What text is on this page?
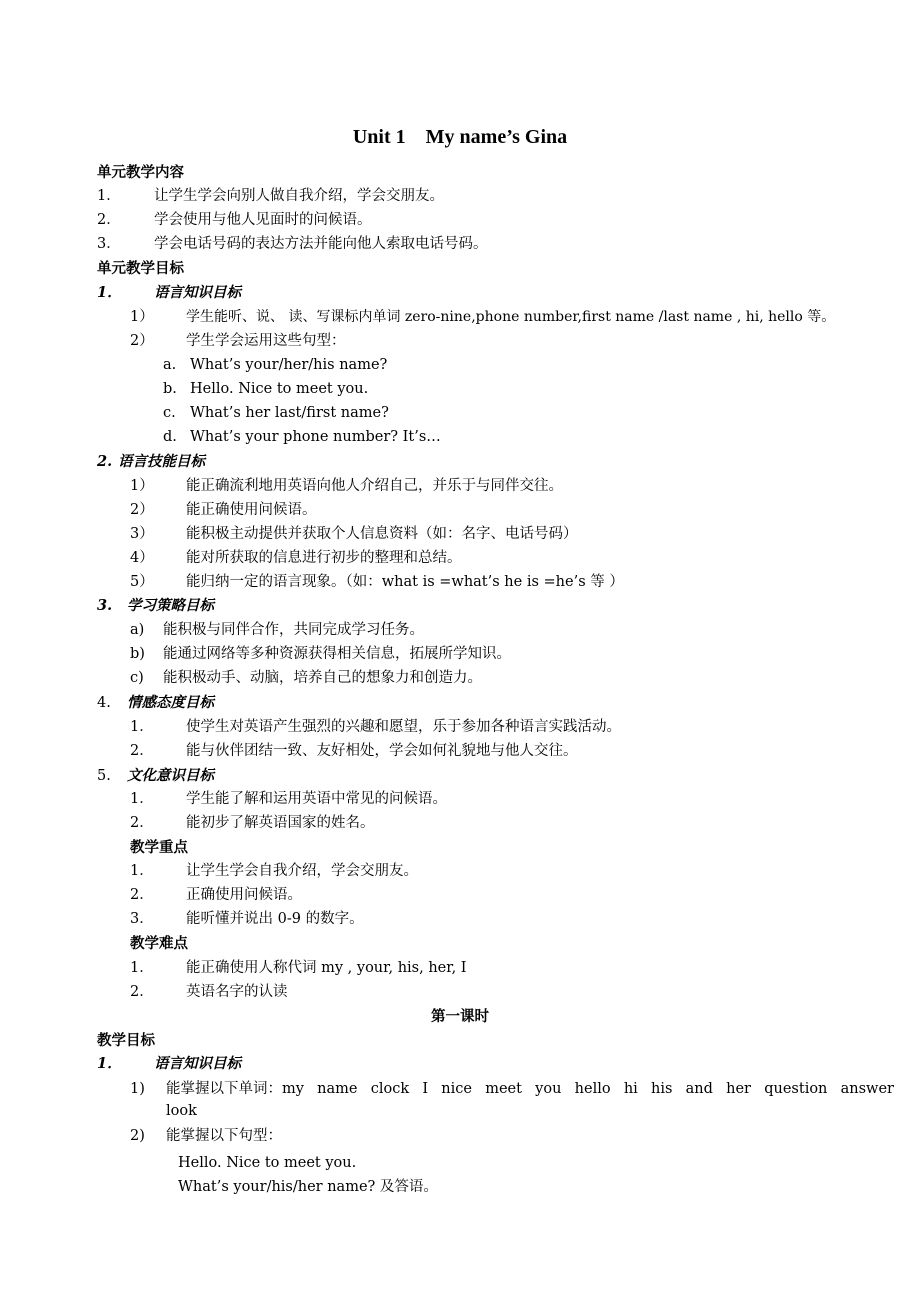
Unit 1 My name’s Gina
单元教学内容
1． 让学生学会向别人做自我介绍，学会交朋友。
2． 学会使用与他人见面时的问候语。
3． 学会电话号码的表达方法并能向他人索取电话号码。
单元教学目标
1． 语言知识目标
1） 学生能听、说、 读、写课标内单词 zero-nine,phone number,first name /last name , hi, hello 等。
2） 学生学会运用这些句型：
a. What’s your/her/his name?
b. Hello. Nice to meet you.
c. What’s her last/first name?
d. What’s your phone number? It’s…
2. 语言技能目标
1） 能正确流利地用英语向他人介绍自己，并乐于与同伴交往。
2） 能正确使用问候语。
3） 能积极主动提供并获取个人信息资料（如：名字、电话号码）
4） 能对所获取的信息进行初步的整理和总结。
5） 能归纳一定的语言现象。（如：what is =what’s he is =he’s 等 ）
3. 学习策略目标
a) 能积极与同伴合作，共同完成学习任务。
b) 能通过网络等多种资源获得相关信息，拓展所学知识。
c) 能积极动手、动脑，培养自己的想象力和创造力。
4. 情感态度目标
1． 使学生对英语产生强烈的兴趣和愿望，乐于参加各种语言实践活动。
2． 能与伙伴团结一致、友好相处，学会如何礼貌地与他人交往。
5. 文化意识目标
1． 学生能了解和运用英语中常见的问候语。
2． 能初步了解英语国家的姓名。
教学重点
1． 让学生学会自我介绍，学会交朋友。
2． 正确使用问候语。
3． 能听懂并说出 0-9 的数字。
教学难点
1． 能正确使用人称代词 my , your, his, her, I
2． 英语名字的认读
第一课时
教学目标
1． 语言知识目标
1) 能掌握以下单词：my name clock I nice meet you hello hi his and her question answer
look
2) 能掌握以下句型：
Hello. Nice to meet you.
What’s your/his/her name? 及答语。
